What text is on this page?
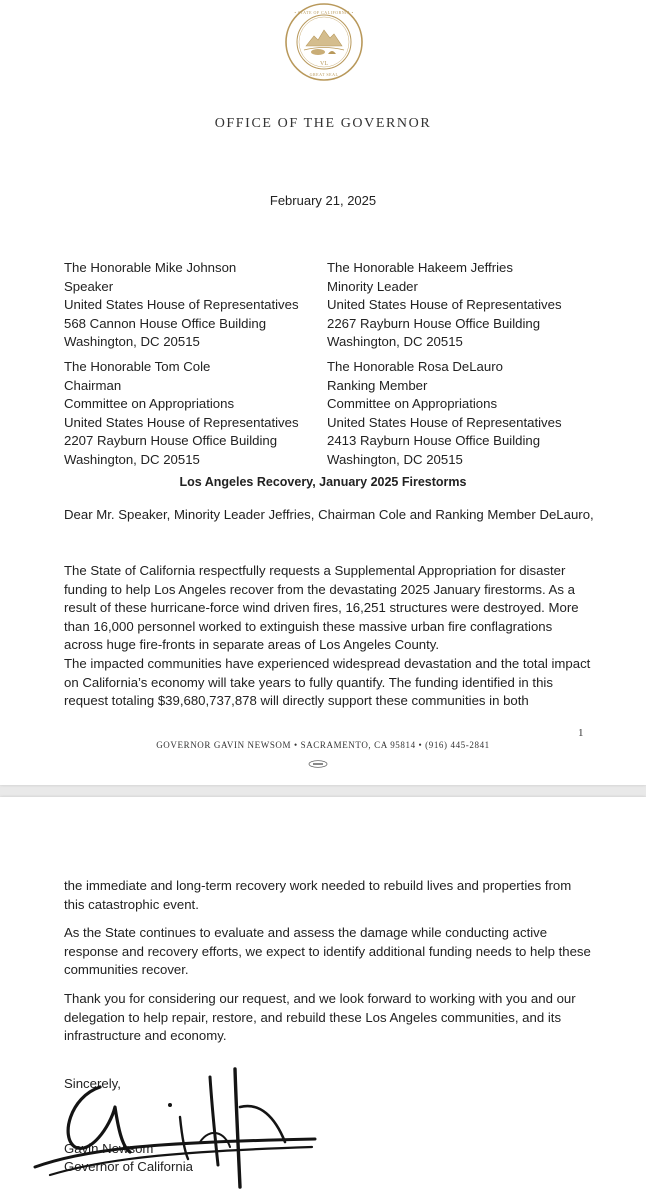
VL
• STATE OF CALIFORNIA •
GREAT SEAL
OFFICE OF THE GOVERNOR
February 21, 2025
The Honorable Mike Johnson
Speaker
United States House of Representatives
568 Cannon House Office Building
Washington, DC 20515
The Honorable Hakeem Jeffries
Minority Leader
United States House of Representatives
2267 Rayburn House Office Building
Washington, DC 20515
The Honorable Tom Cole
Chairman
Committee on Appropriations
United States House of Representatives
2207 Rayburn House Office Building
Washington, DC 20515
The Honorable Rosa DeLauro
Ranking Member
Committee on Appropriations
United States House of Representatives
2413 Rayburn House Office Building
Washington, DC 20515
Los Angeles Recovery, January 2025 Firestorms

Dear Mr. Speaker, Minority Leader Jeffries, Chairman Cole and Ranking Member DeLauro,

The State of California respectfully requests a Supplemental Appropriation for disaster funding to help Los Angeles recover from the devastating 2025 January firestorms. As a result of these hurricane-force wind driven fires, 16,251 structures were destroyed. More than 16,000 personnel worked to extinguish these massive urban fire conflagrations across huge fire-fronts in separate areas of Los Angeles County.

The impacted communities have experienced widespread devastation and the total impact on California’s economy will take years to fully quantify. The funding identified in this request totaling $39,680,737,878 will directly support these communities in both

1
GOVERNOR GAVIN NEWSOM • SACRAMENTO, CA 95814 • (916) 445-2841

the immediate and long-term recovery work needed to rebuild lives and properties from this catastrophic event.

As the State continues to evaluate and assess the damage while conducting active response and recovery efforts, we expect to identify additional funding needs to help these communities recover.

Thank you for considering our request, and we look forward to working with you and our delegation to help repair, restore, and rebuild these Los Angeles communities, and its infrastructure and economy.

Sincerely,
Gavin Newsom
Governor of California
